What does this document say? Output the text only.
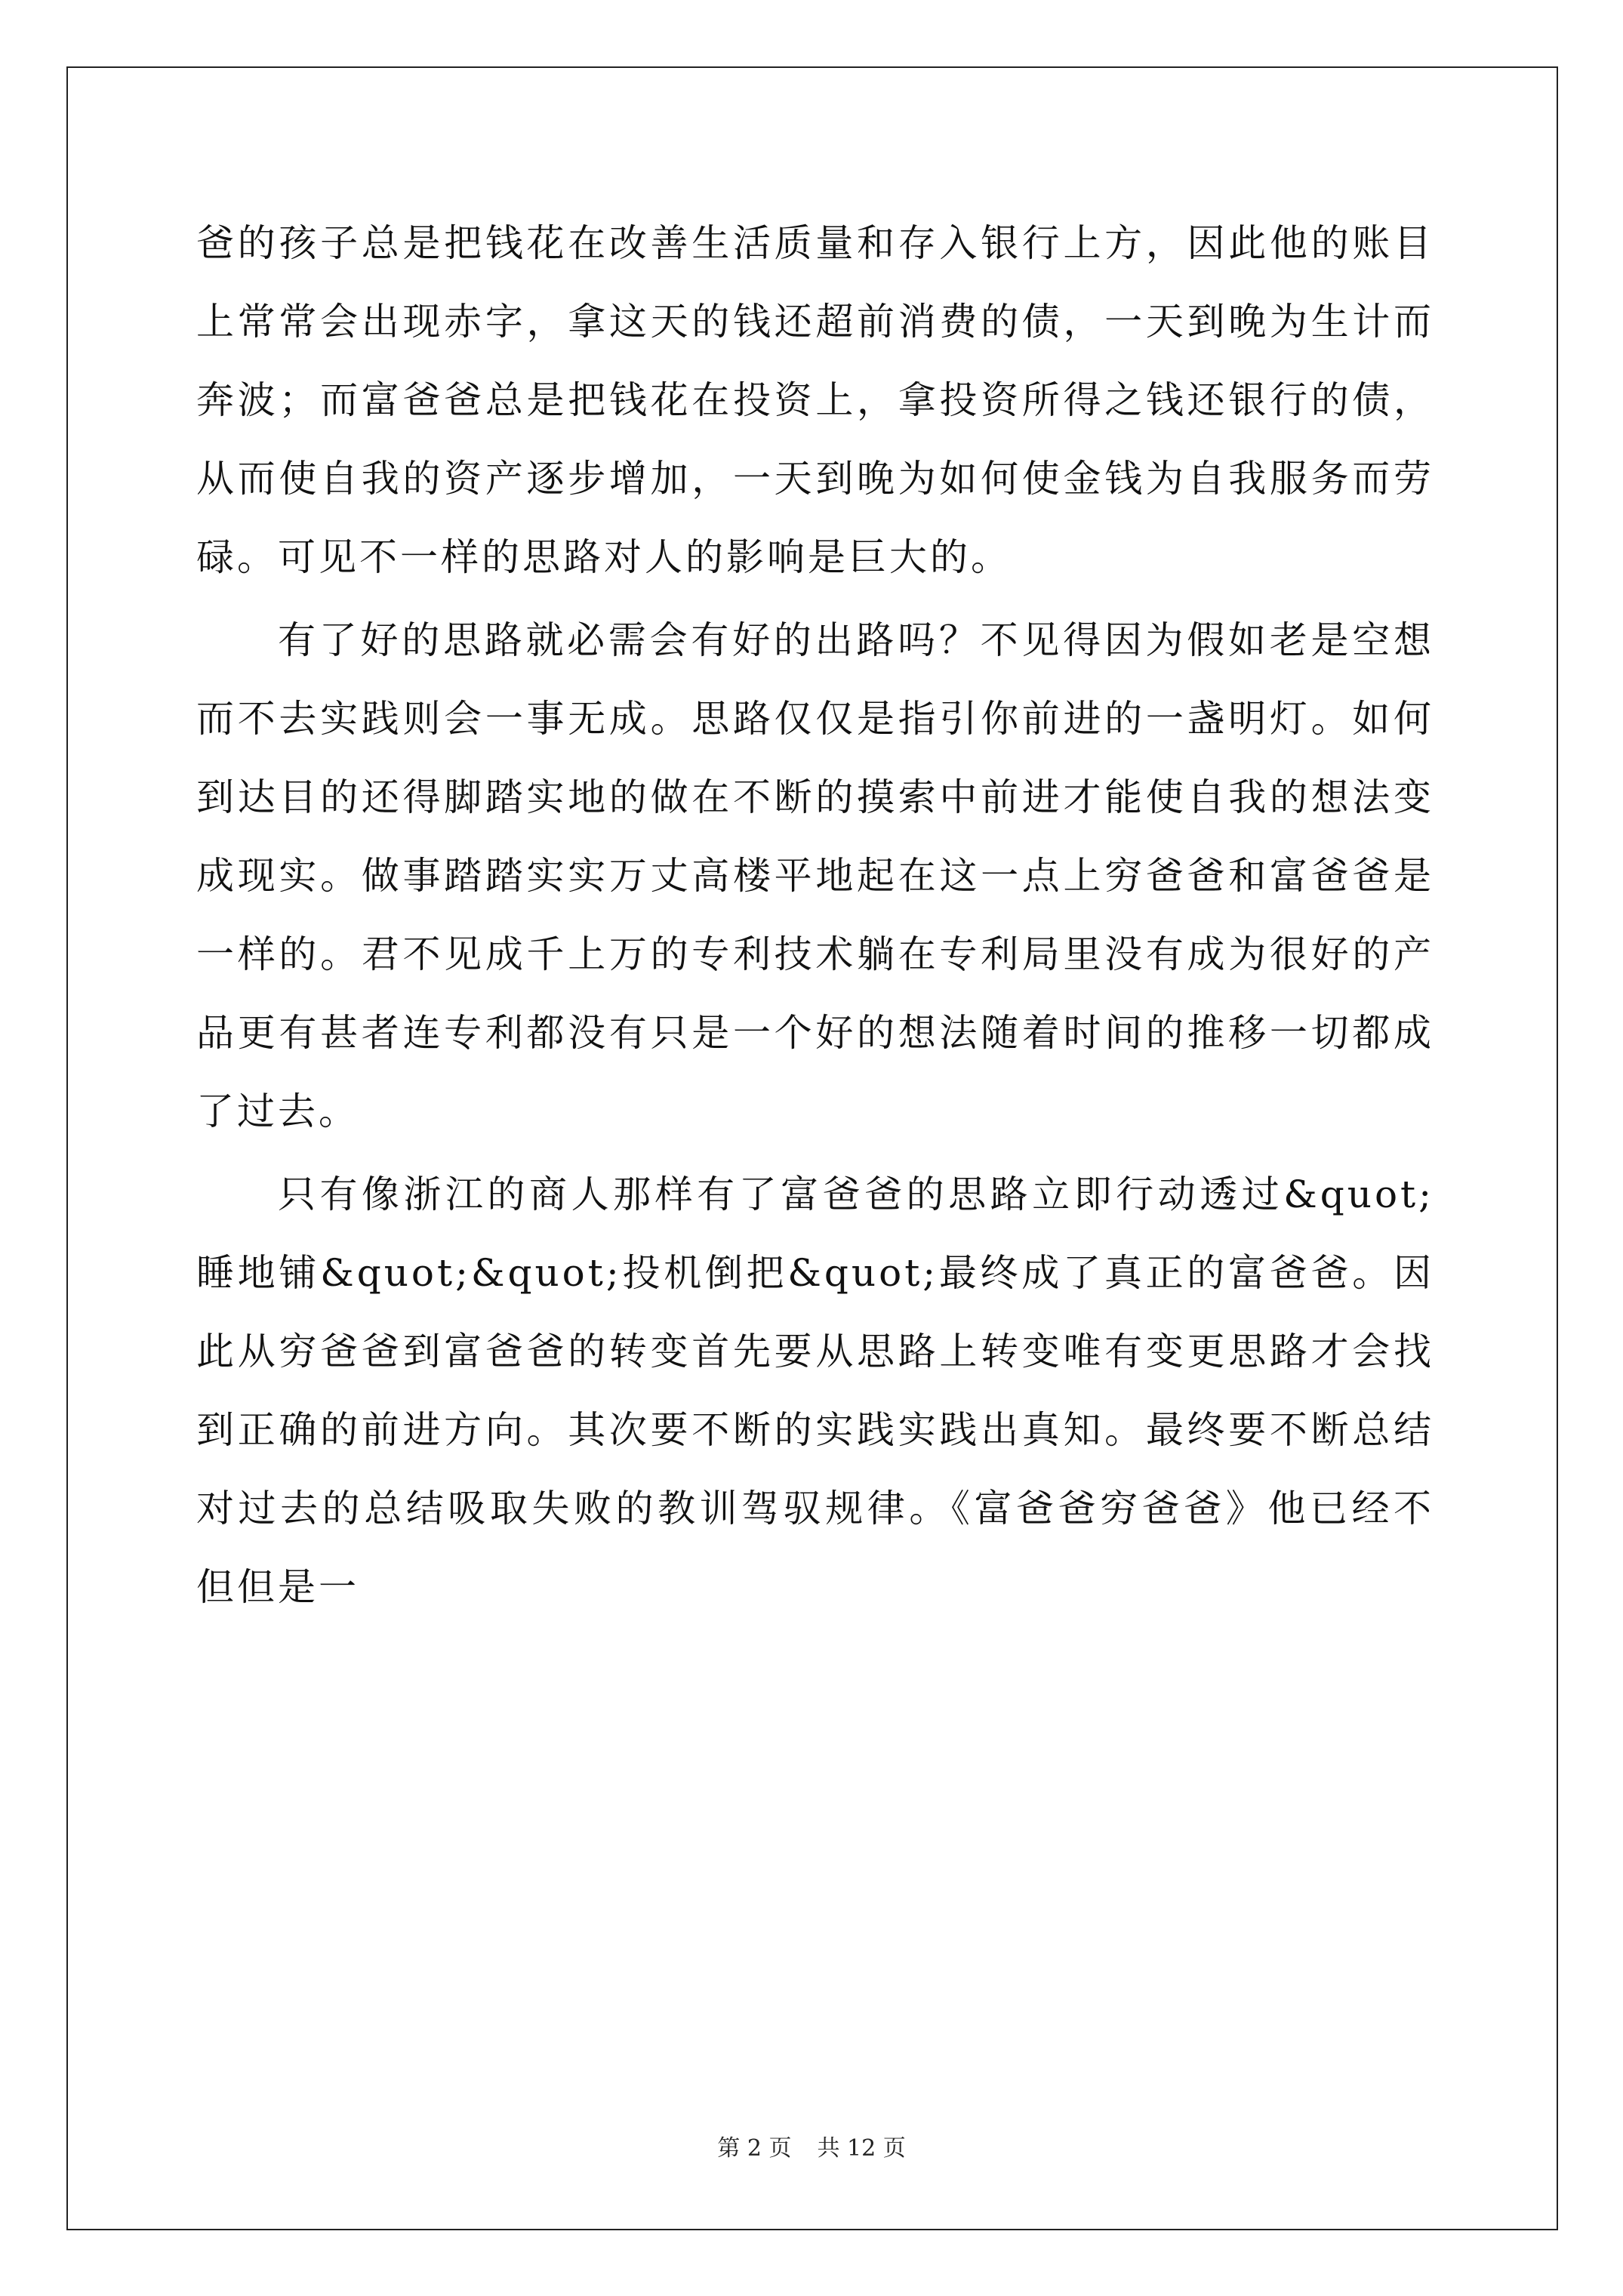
爸的孩子总是把钱花在改善生活质量和存入银行上方，因此他的账目上常常会出现赤字，拿这天的钱还超前消费的债，一天到晚为生计而奔波；而富爸爸总是把钱花在投资上，拿投资所得之钱还银行的债，从而使自我的资产逐步增加，一天到晚为如何使金钱为自我服务而劳碌。可见不一样的思路对人的影响是巨大的。

有了好的思路就必需会有好的出路吗？不见得因为假如老是空想而不去实践则会一事无成。思路仅仅是指引你前进的一盏明灯。如何到达目的还得脚踏实地的做在不断的摸索中前进才能使自我的想法变成现实。做事踏踏实实万丈高楼平地起在这一点上穷爸爸和富爸爸是一样的。君不见成千上万的专利技术躺在专利局里没有成为很好的产品更有甚者连专利都没有只是一个好的想法随着时间的推移一切都成了过去。

只有像浙江的商人那样有了富爸爸的思路立即行动透过&quot;睡地铺&quot;&quot;投机倒把&quot;最终成了真正的富爸爸。因此从穷爸爸到富爸爸的转变首先要从思路上转变唯有变更思路才会找到正确的前进方向。其次要不断的实践实践出真知。最终要不断总结对过去的总结吸取失败的教训驾驭规律。《富爸爸穷爸爸》他已经不但但是一

第 2 页 共 12 页
